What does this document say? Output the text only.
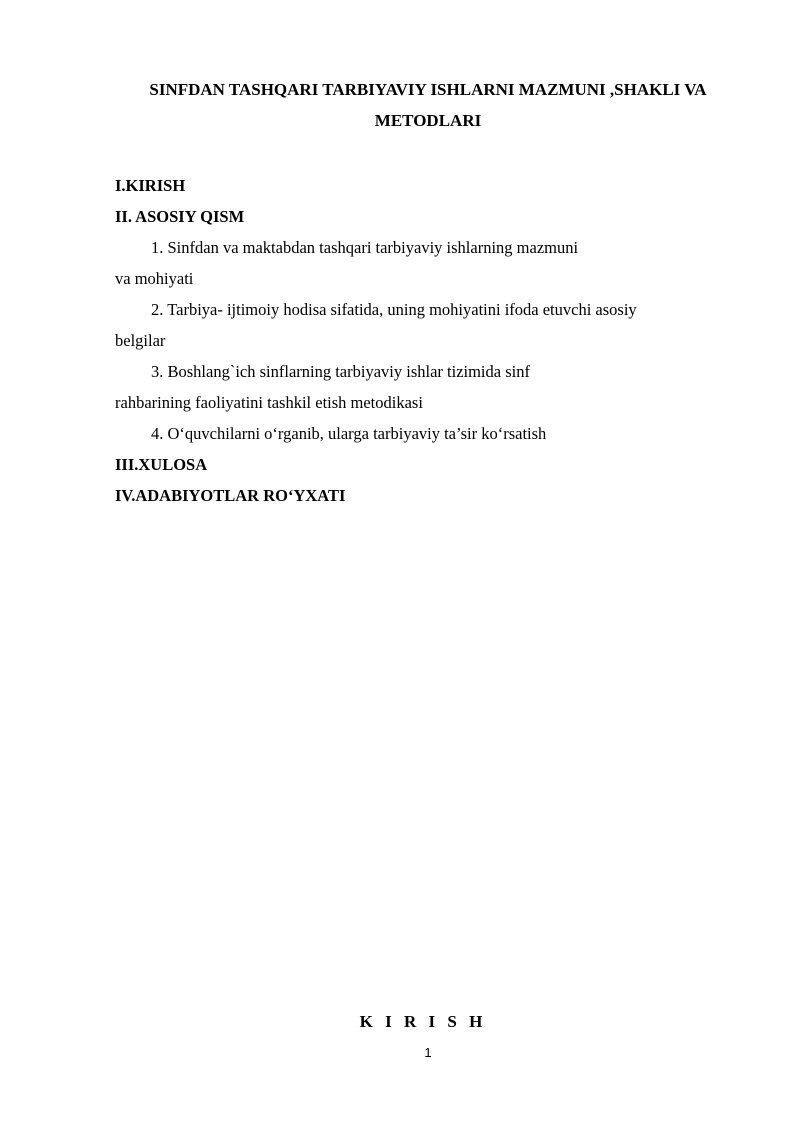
SINFDAN TASHQARI TARBIYAVIY ISHLARNI MAZMUNI ,SHAKLI VA METODLARI

I.KIRISH
II. ASOSIY QISM
1. Sinfdan va maktabdan tashqari tarbiyaviy ishlarning mazmuni
va mohiyati
2. Tarbiya- ijtimoiy hodisa sifatida, uning mohiyatini ifoda etuvchi asosiy
belgilar
3. Boshlang`ich sinflarning tarbiyaviy ishlar tizimida sinf
rahbarining faoliyatini tashkil etish metodikasi
4. O‘quvchilarni o‘rganib, ularga tarbiyaviy ta’sir ko‘rsatish
III.XULOSA
IV.ADABIYOTLAR RO‘YXATI

K I R I S H

1
